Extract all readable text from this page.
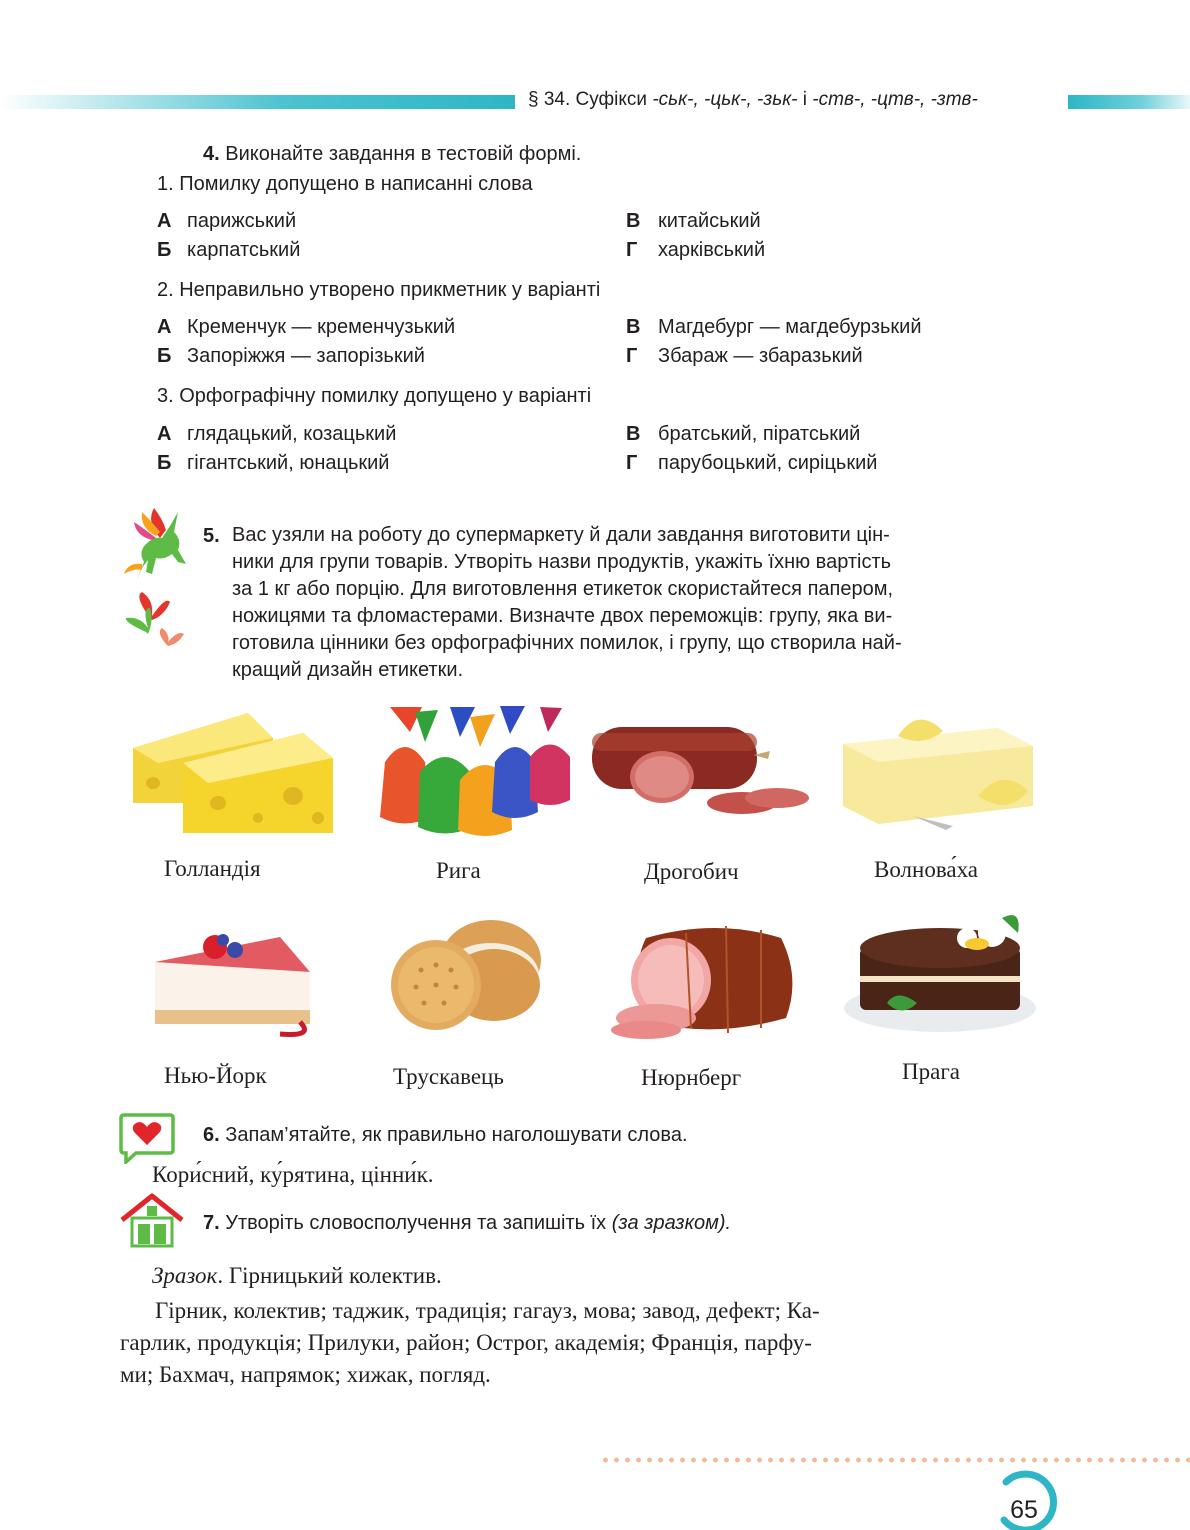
§ 34. Суфікси -ськ-, -цьк-, -зьк- і -ств-, -цтв-, -зтв-
4. Виконайте завдання в тестовій формі.
1. Помилку допущено в написанні слова
А парижський
Б карпатський
В китайський
Г харківський
2. Неправильно утворено прикметник у варіанті
А Кременчук — кременчузький
Б Запоріжжя — запорізький
В Магдебург — магдебурзький
Г Збараж — збаразький
3. Орфографічну помилку допущено у варіанті
А глядацький, козацький
Б гігантський, юнацький
В братський, піратський
Г парубоцький, сиріцький
5. Вас узяли на роботу до супермаркету й дали завдання виготовити цін-
ники для групи товарів. Утворіть назви продуктів, укажіть їхню вартість
за 1 кг або порцію. Для виготовлення етикеток скористайтеся папером,
ножицями та фломастерами. Визначте двох переможців: групу, яка ви-
готовила цінники без орфографічних помилок, і групу, що створила най-
кращий дизайн етикетки.
Голландія	Рига	Дрогобич	Волнова́ха
Нью-Йорк	Трускавець	Нюрнберг	Прага
6. Запам’ятайте, як правильно наголошувати слова.
Кори́сний, ку́рятина, цінни́к.
7. Утворіть словосполучення та запишіть їх (за зразком).
Зразок. Гірницький колектив.
Гірник, колектив; таджик, традиція; гагауз, мова; завод, дефект; Ка-
гарлик, продукція; Прилуки, район; Острог, академія; Франція, парфу-
ми; Бахмач, напрямок; хижак, погляд.
65
